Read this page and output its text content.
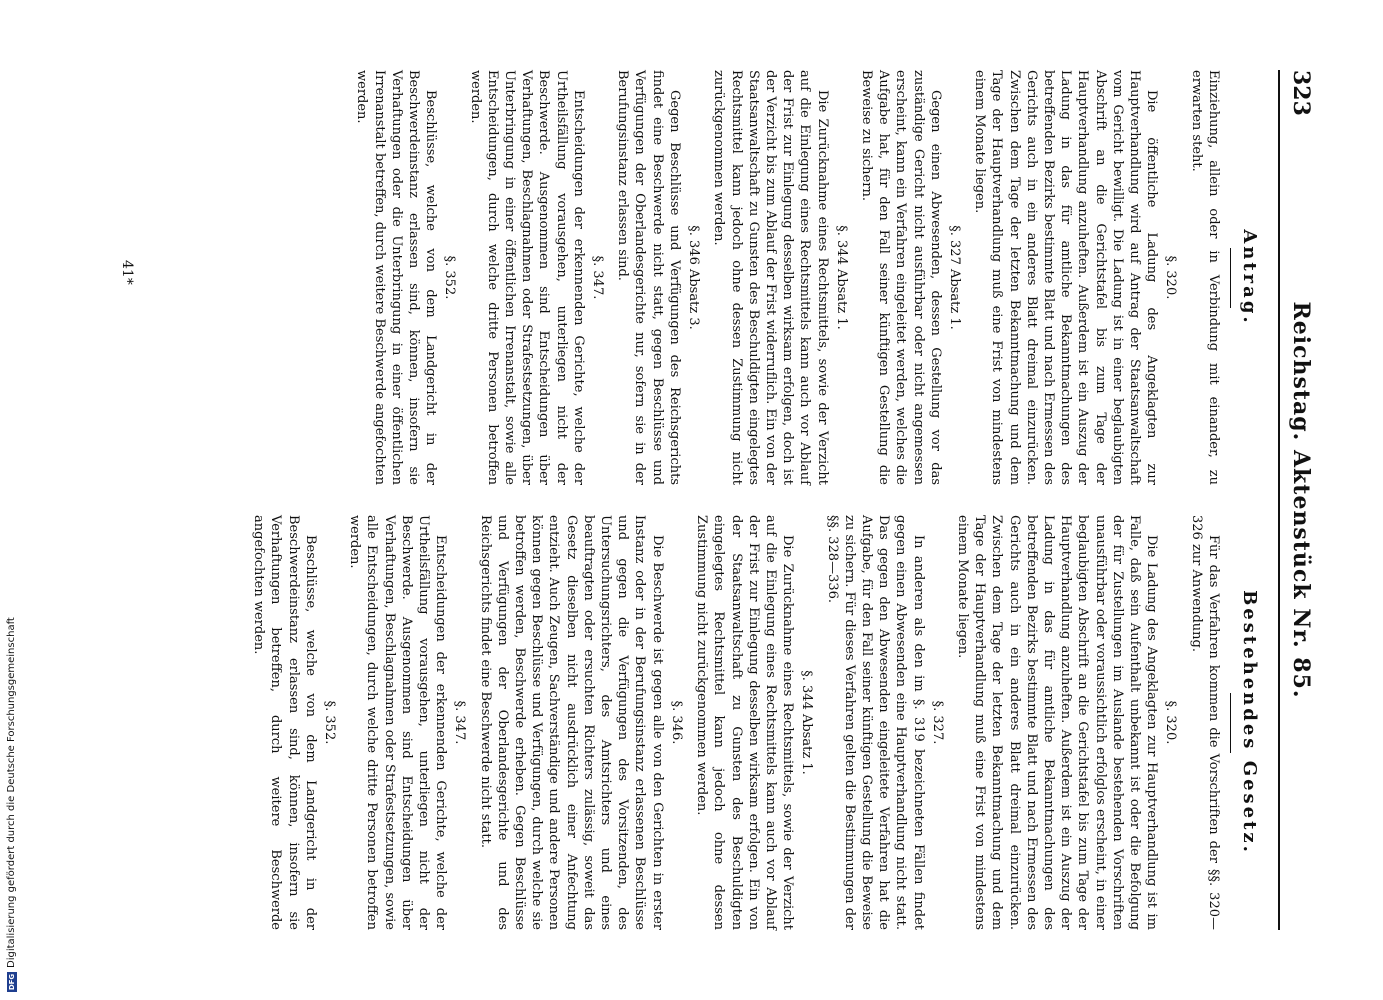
323
Reichstag. Aktenstück Nr. 85.
Antrag.

Einziehung, allein oder in Verbindung mit einander, zu erwarten steht.

§. 320.

Die öffentliche Ladung des Angeklagten zur Hauptverhandlung wird auf Antrag der Staatsanwaltschaft vom Gericht bewilligt. Die Ladung ist in einer beglaubigten Abschrift an die Gerichtstafel bis zum Tage der Hauptverhandlung anzuheften. Außerdem ist ein Auszug der Ladung in das für amtliche Bekanntmachungen des betreffenden Bezirks bestimmte Blatt und nach Ermessen des Gerichts auch in ein anderes Blatt dreimal einzurücken. Zwischen dem Tage der letzten Bekanntmachung und dem Tage der Hauptverhandlung muß eine Frist von mindestens einem Monate liegen.

§. 327 Absatz 1.

Gegen einen Abwesenden, dessen Gestellung vor das zuständige Gericht nicht ausführbar oder nicht angemessen erscheint, kann ein Verfahren eingeleitet werden, welches die Aufgabe hat, für den Fall seiner künftigen Gestellung die Beweise zu sichern.

§. 344 Absatz 1.

Die Zurücknahme eines Rechtsmittels, sowie der Verzicht auf die Einlegung eines Rechtsmittels kann auch vor Ablauf der Frist zur Einlegung desselben wirksam erfolgen, doch ist der Verzicht bis zum Ablauf der Frist widerruflich. Ein von der Staatsanwaltschaft zu Gunsten des Beschuldigten eingelegtes Rechtsmittel kann jedoch ohne dessen Zustimmung nicht zurückgenommen werden.

§. 346 Absatz 3.

Gegen Beschlüsse und Verfügungen des Reichsgerichts findet eine Beschwerde nicht statt, gegen Beschlüsse und Verfügungen der Oberlandesgerichte nur, sofern sie in der Berufungsinstanz erlassen sind.

§. 347.

Entscheidungen der erkennenden Gerichte, welche der Urtheilsfällung vorausgehen, unterliegen nicht der Beschwerde. Ausgenommen sind Entscheidungen über Verhaftungen, Beschlagnahmen oder Strafestsetzungen, über Unterbringung in einer öffentlichen Irrenanstalt, sowie alle Entscheidungen, durch welche dritte Personen betroffen werden.

§. 352.

Beschlüsse, welche von dem Landgericht in der Beschwerdeinstanz erlassen sind, können, insofern sie Verhaftungen oder die Unterbringung in einer öffentlichen Irrenanstalt betreffen, durch weitere Beschwerde angefochten werden.

Bestehendes Gesetz.

Für das Verfahren kommen die Vorschriften der §§. 320—326 zur Anwendung.

§. 320.

Die Ladung des Angeklagten zur Hauptverhandlung ist im Falle, daß sein Aufenthalt unbekannt ist oder die Befolgung der für Zustellungen im Auslande bestehenden Vorschriften unausführbar oder voraussichtlich erfolglos erscheint, in einer beglaubigten Abschrift an die Gerichtstafel bis zum Tage der Hauptverhandlung anzuheften. Außerdem ist ein Auszug der Ladung in das für amtliche Bekanntmachungen des betreffenden Bezirks bestimmte Blatt und nach Ermessen des Gerichts auch in ein anderes Blatt dreimal einzurücken. Zwischen dem Tage der letzten Bekanntmachung und dem Tage der Hauptverhandlung muß eine Frist von mindestens einem Monate liegen.

§. 327.

In anderen als den im §. 319 bezeichneten Fällen findet gegen einen Abwesenden eine Hauptverhandlung nicht statt. Das gegen den Abwesenden eingeleitete Verfahren hat die Aufgabe, für den Fall seiner künftigen Gestellung die Beweise zu sichern. Für dieses Verfahren gelten die Bestimmungen der §§. 328—336.

§. 344 Absatz 1.

Die Zurücknahme eines Rechtsmittels, sowie der Verzicht auf die Einlegung eines Rechtsmittels kann auch vor Ablauf der Frist zur Einlegung desselben wirksam erfolgen. Ein von der Staatsanwaltschaft zu Gunsten des Beschuldigten eingelegtes Rechtsmittel kann jedoch ohne dessen Zustimmung nicht zurückgenommen werden.

§. 346.

Die Beschwerde ist gegen alle von den Gerichten in erster Instanz oder in der Berufungsinstanz erlassenen Beschlüsse und gegen die Verfügungen des Vorsitzenden, des Untersuchungsrichters, des Amtsrichters und eines beauftragten oder ersuchten Richters zulässig, soweit das Gesetz dieselben nicht ausdrücklich einer Anfechtung entzieht. Auch Zeugen, Sachverständige und andere Personen können gegen Beschlüsse und Verfügungen, durch welche sie betroffen werden, Beschwerde erheben. Gegen Beschlüsse und Verfügungen der Oberlandesgerichte und des Reichsgerichts findet eine Beschwerde nicht statt.

§. 347.

Entscheidungen der erkennenden Gerichte, welche der Urtheilsfällung vorausgehen, unterliegen nicht der Beschwerde. Ausgenommen sind Entscheidungen über Verhaftungen, Beschlagnahmen oder Strafestsetzungen, sowie alle Entscheidungen, durch welche dritte Personen betroffen werden.

§. 352.

Beschlüsse, welche von dem Landgericht in der Beschwerdeinstanz erlassen sind, können, insofern sie Verhaftungen betreffen, durch weitere Beschwerde angefochten werden.

41*
DFG
Digitalisierung gefördert durch die Deutsche Forschungsgemeinschaft
